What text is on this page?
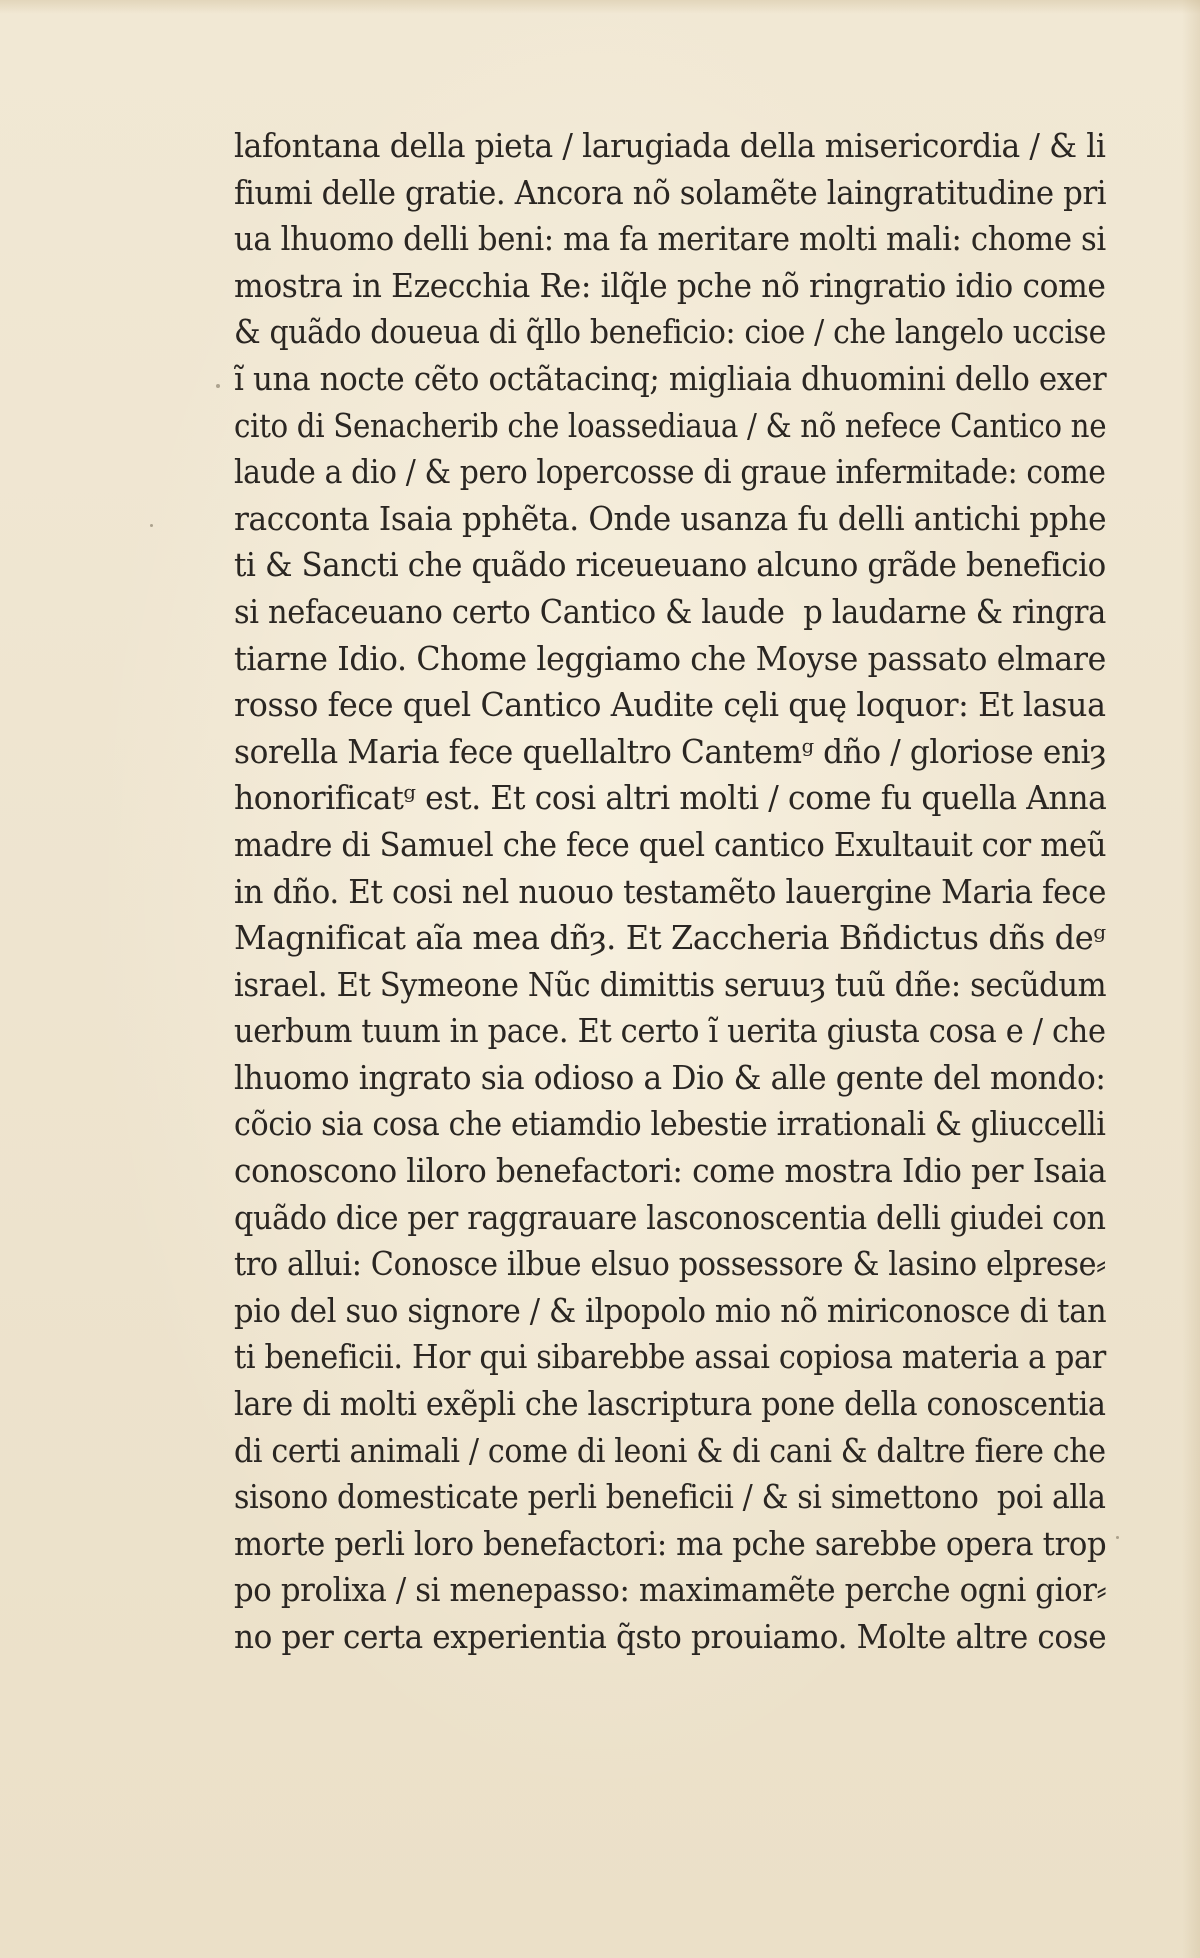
lafontana della pieta / larugiada della misericordia / & li
fiumi delle gratie. Ancora nõ solamẽte laingratitudine pri
ua lhuomo delli beni: ma fa meritare molti mali: chome si
mostra in Ezecchia Re: ilq̃le pche nõ ringratio idio come
& quãdo doueua di q̃llo beneficio: cioe / che langelo uccise
ĩ una nocte cẽto octãtacinq; migliaia dhuomini dello exer
cito di Senacherib che loassediaua / & nõ nefece Cantico ne
laude a dio / & pero lopercosse di graue infermitade: come
racconta Isaia pphẽta. Onde usanza fu delli antichi pphe
ti & Sancti che quãdo riceueuano alcuno grãde beneficio
si nefaceuano certo Cantico & laude  p laudarne & ringra
tiarne Idio. Chome leggiamo che Moyse passato elmare
rosso fece quel Cantico Audite cęli quę loquor: Et lasua
sorella Maria fece quellaltro Cantemᵍ dño / gloriose eniȝ
honorificatᵍ est. Et cosi altri molti / come fu quella Anna
madre di Samuel che fece quel cantico Exultauit cor meũ
in dño. Et cosi nel nuouo testamẽto lauergine Maria fece
Magnificat aĩa mea dñȝ. Et Zaccheria Bñdictus dñs deᵍ
israel. Et Symeone Nũc dimittis seruuȝ tuũ dñe: secũdum
uerbum tuum in pace. Et certo ĩ uerita giusta cosa e / che
lhuomo ingrato sia odioso a Dio & alle gente del mondo:
cõcio sia cosa che etiamdio lebestie irrationali & gliuccelli
conoscono liloro benefactori: come mostra Idio per Isaia
quãdo dice per raggrauare lasconoscentia delli giudei con
tro allui: Conosce ilbue elsuo possessore & lasino elprese⸗
pio del suo signore / & ilpopolo mio nõ miriconosce di tan
ti beneficii. Hor qui sibarebbe assai copiosa materia a par
lare di molti exẽpli che lascriptura pone della conoscentia
di certi animali / come di leoni & di cani & daltre fiere che
sisono domesticate perli beneficii / & si simettono  poi alla
morte perli loro benefactori: ma pche sarebbe opera trop
po prolixa / si menepasso: maximamẽte perche ogni gior⸗
no per certa experientia q̃sto prouiamo. Molte altre cose
